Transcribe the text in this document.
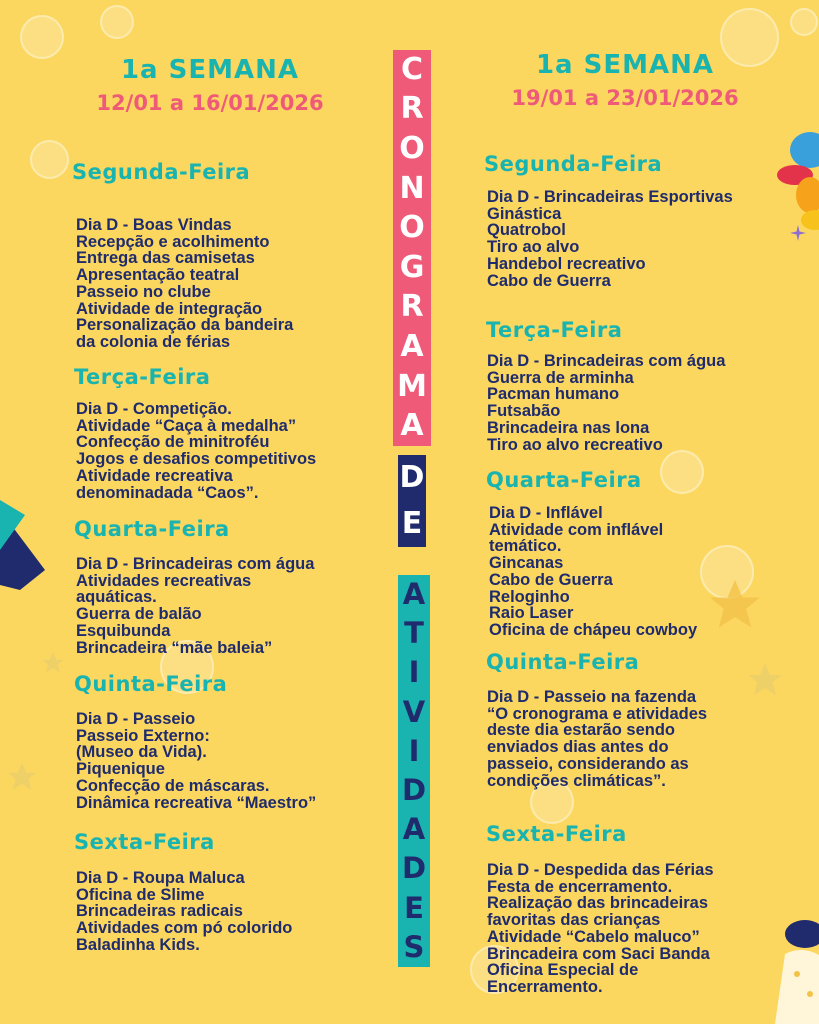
1a SEMANA
12/01 a 16/01/2026
Segunda-Feira
Dia D - Boas Vindas
Recepção e acolhimento
Entrega das camisetas
Apresentação teatral
Passeio no clube
Atividade de integração
Personalização da bandeira
da colonia de férias
Terça-Feira
Dia D - Competição.
Atividade “Caça à medalha”
Confecção de minitroféu
Jogos e desafios competitivos
Atividade recreativa
denominadada “Caos”.
Quarta-Feira
Dia D - Brincadeiras com água
Atividades recreativas
aquáticas.
Guerra de balão
Esquibunda
Brincadeira “mãe baleia”
Quinta-Feira
Dia D - Passeio
Passeio Externo:
(Museo da Vida).
Piquenique
Confecção de máscaras.
Dinâmica recreativa “Maestro”
Sexta-Feira
Dia D - Roupa Maluca
Oficina de Slime
Brincadeiras radicais
Atividades com pó colorido
Baladinha Kids.
C
R
O
N
O
G
R
A
M
A
D
E
A
T
I
V
I
D
A
D
E
S
1a SEMANA
19/01 a 23/01/2026
Segunda-Feira
Dia D - Brincadeiras Esportivas
Ginástica
Quatrobol
Tiro ao alvo
Handebol recreativo
Cabo de Guerra
Terça-Feira
Dia D - Brincadeiras com água
Guerra de arminha
Pacman humano
Futsabão
Brincadeira nas lona
Tiro ao alvo recreativo
Quarta-Feira
Dia D - Inflável
Atividade com inflável
temático.
Gincanas
Cabo de Guerra
Reloginho
Raio Laser
Oficina de chápeu cowboy
Quinta-Feira
Dia D - Passeio na fazenda
“O cronograma e atividades
deste dia estarão sendo
enviados dias antes do
passeio, considerando as
condições climáticas”.
Sexta-Feira
Dia D - Despedida das Férias
Festa de encerramento.
Realização das brincadeiras
favoritas das crianças
Atividade “Cabelo maluco”
Brincadeira com Saci Banda
Oficina Especial de
Encerramento.
